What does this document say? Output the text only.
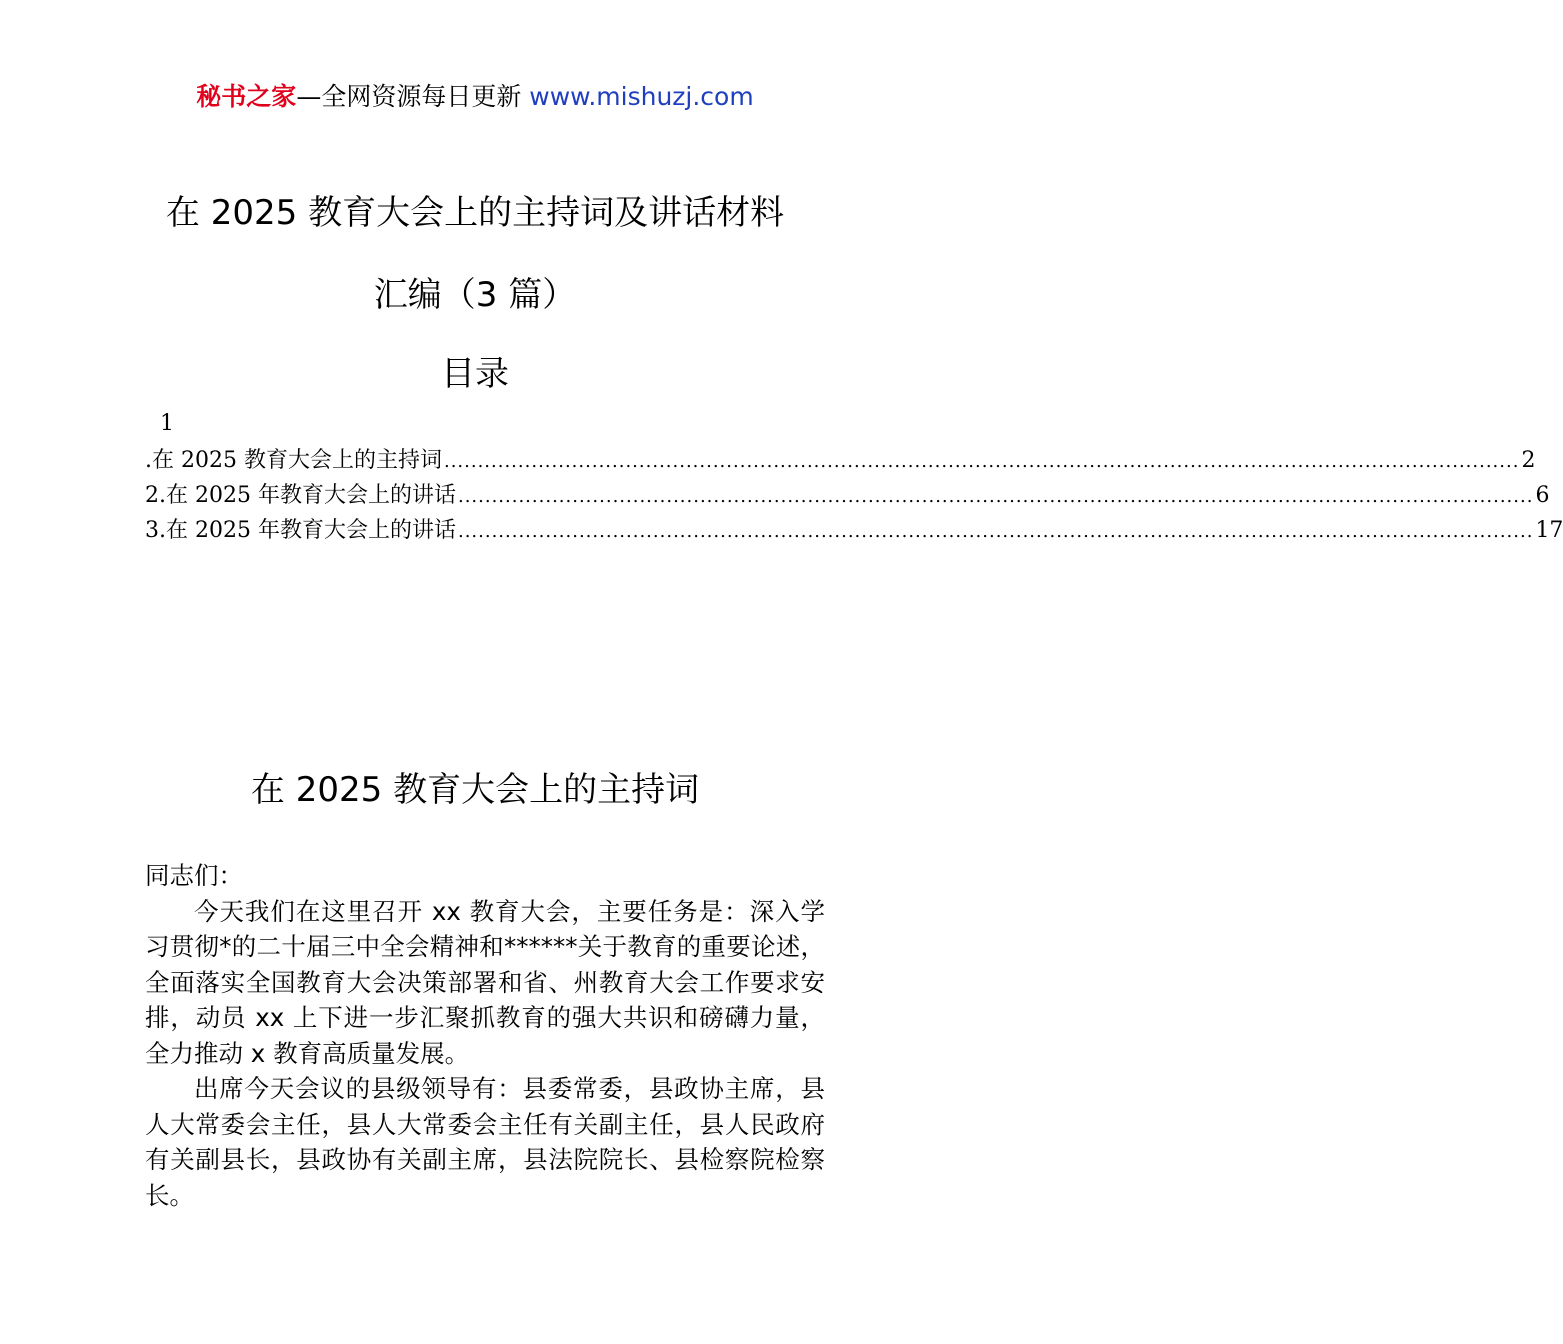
秘书之家—全网资源每日更新 www.mishuzj.com
在 2025 教育大会上的主持词及讲话材料
汇编（3 篇）
目录
1
.在 2025 教育大会上的主持词 ................................................................................................................................................................ 2
2.在 2025 年教育大会上的讲话 ................................................................................................................................................................ 6
3.在 2025 年教育大会上的讲话 ................................................................................................................................................................ 17
在 2025 教育大会上的主持词

同志们：

今天我们在这里召开 xx 教育大会，主要任务是：深入学习贯彻*的二十届三中全会精神和******关于教育的重要论述，全面落实全国教育大会决策部署和省、州教育大会工作要求安排，动员 xx 上下进一步汇聚抓教育的强大共识和磅礴力量，全力推动 x 教育高质量发展。

出席今天会议的县级领导有：县委常委，县政协主席，县人大常委会主任，县人大常委会主任有关副主任，县人民政府有关副县长，县政协有关副主席，县法院院长、县检察院检察长。
